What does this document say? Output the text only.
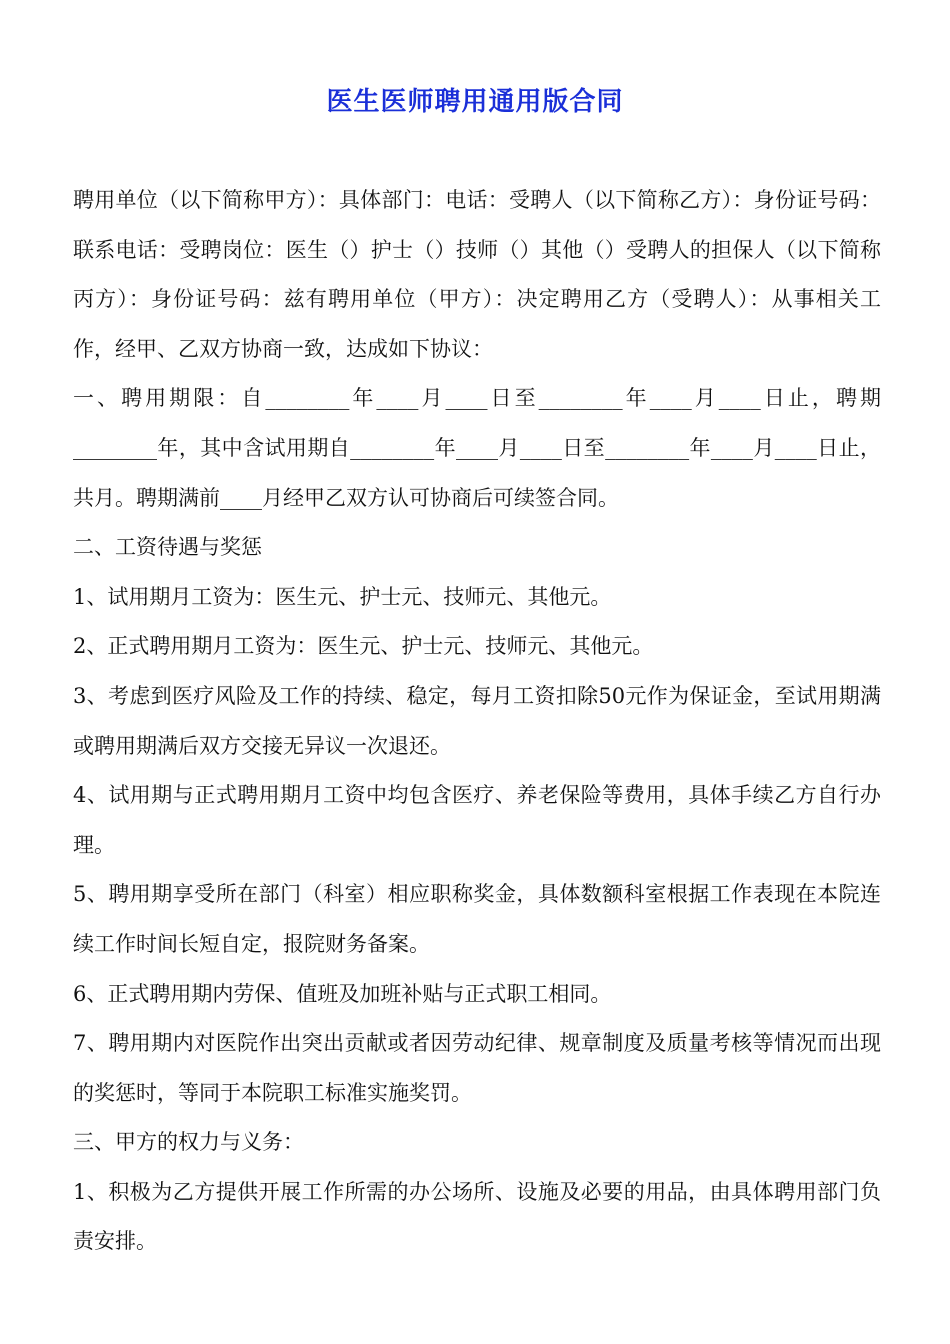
医生医师聘用通用版合同

聘用单位（以下简称甲方）：具体部门：电话：受聘人（以下简称乙方）：身份证号码：联系电话：受聘岗位：医生（）护士（）技师（）其他（）受聘人的担保人（以下简称丙方）：身份证号码：兹有聘用单位（甲方）：决定聘用乙方（受聘人）：从事相关工作，经甲、乙双方协商一致，达成如下协议：

一、聘用期限：自________年____月____日至________年____月____日止，聘期________年，其中含试用期自________年____月____日至________年____月____日止，共月。聘期满前____月经甲乙双方认可协商后可续签合同。

二、工资待遇与奖惩

1、试用期月工资为：医生元、护士元、技师元、其他元。

2、正式聘用期月工资为：医生元、护士元、技师元、其他元。

3、考虑到医疗风险及工作的持续、稳定，每月工资扣除50元作为保证金，至试用期满或聘用期满后双方交接无异议一次退还。

4、试用期与正式聘用期月工资中均包含医疗、养老保险等费用，具体手续乙方自行办理。

5、聘用期享受所在部门（科室）相应职称奖金，具体数额科室根据工作表现在本院连续工作时间长短自定，报院财务备案。

6、正式聘用期内劳保、值班及加班补贴与正式职工相同。

7、聘用期内对医院作出突出贡献或者因劳动纪律、规章制度及质量考核等情况而出现的奖惩时，等同于本院职工标准实施奖罚。

三、甲方的权力与义务：

1、积极为乙方提供开展工作所需的办公场所、设施及必要的用品，由具体聘用部门负责安排。
